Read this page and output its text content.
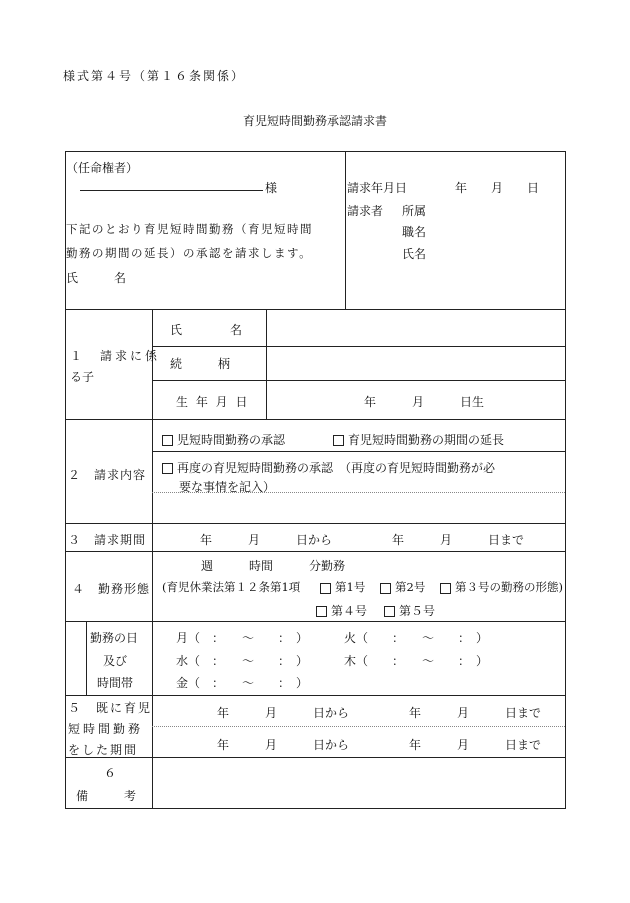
様式第４号（第１６条関係）
育児短時間勤務承認請求書
（任命権者）
様
下記のとおり育児短時間勤務（育児短時間
勤務の期間の延長）の承認を請求します。
氏　　　名
請求年月日　　　　年　　月　　日
請求者 所属
職名
氏名
１　請求に係
る子
氏　　　　名
続　　　柄
生 年 月 日	年　　　月　　　日生
２　請求内容
児短時間勤務の承認	育児短時間勤務の期間の延長
再度の育児短時間勤務の承認　（再度の育児短時間勤務が必
要な事情を記入）
３　請求期間	年　　　月　　　日から　　　　　年　　　月　　　日まで
４　勤務形態
週　　　時間　　　分勤務
(育児休業法第１２条第1項	第1号	第2号	第３号の勤務の形態)
第４号	第５号
勤務の日
及び
時間帯
月（　：　　〜　　：　）	火（　　：　　〜　　：　）
水（　：　　〜　　：　）	木（　　：　　〜　　：　）
金（　：　　〜　　：　）
５　既に育児
短時間勤務
をした期間
年　　　月　　　日から　　　　　年　　　月　　　日まで
年　　　月　　　日から　　　　　年　　　月　　　日まで
６
備　　　考
